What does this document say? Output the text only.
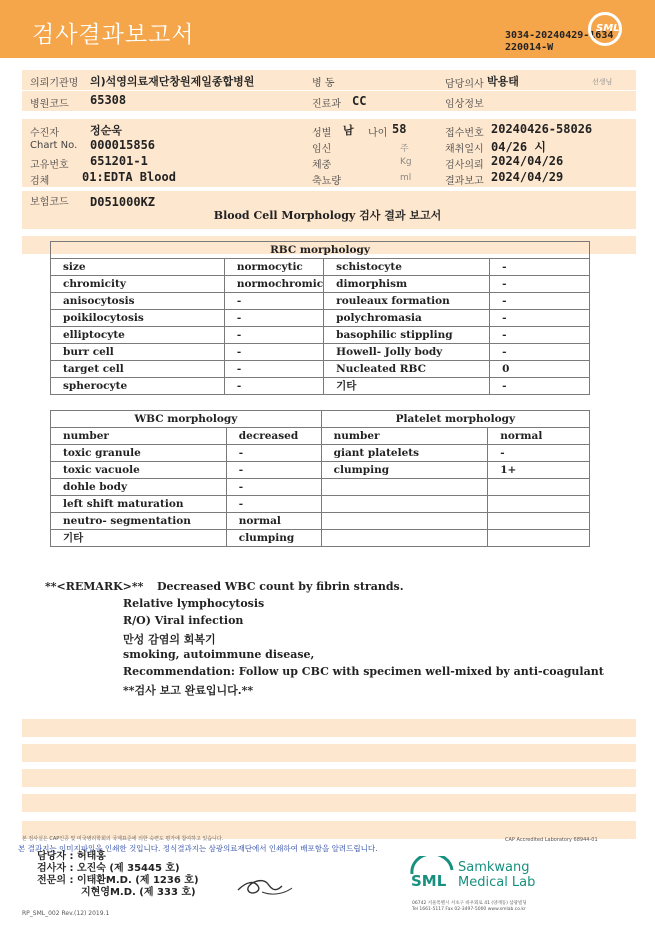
검사결과보고서	3034-20240429-1634
220014-W
SML
의뢰기관명 의)석영의료재단창원제일종합병원	병 동	담당의사 박용태	선생님
병원코드 65308	진료과 CC	임상정보
수진자	정순욱
Chart No. 000015856
고유번호 651201-1
검체	01:EDTA Blood
성별 남 나이 58
임신	주
체중	Kg
축뇨량	ml
접수번호 20240426-58026
채취일시 04/26 시
검사의뢰 2024/04/26
결과보고 2024/04/29
보험코드 D051000KZ
Blood Cell Morphology 검사 결과 보고서
RBC morphology			
size	normocytic	schistocyte	-
chromicity	normochromic	dimorphism	-
anisocytosis	-	rouleaux formation	-
poikilocytosis	-	polychromasia	-
elliptocyte	-	basophilic stippling	-
burr cell	-	Howell- Jolly body	-
target cell	-	Nucleated RBC	0
spherocyte	-	기타	-
WBC morphology		Platelet morphology	
number	decreased	number	normal
toxic granule	-	giant platelets	-
toxic vacuole	-	clumping	1+
dohle body	-		
left shift maturation	-		
neutro- segmentation	normal		
기타	clumping		
**<REMARK>** Decreased WBC count by fibrin strands.
Relative lymphocytosis
R/O) Viral infection
만성 감염의 회복기
smoking, autoimmune disease,
Recommendation: Follow up CBC with specimen well-mixed by anti-coagulant
**검사 보고 완료입니다.**
본 검사실은 CAP인증 및 미국병리학회의 국제표준에 의한 숙련도 평가에 참여하고 있습니다.	CAP Accredited Laboratory 68944-01
본 결과지는 이미지파일을 인쇄한 것입니다. 정식결과지는 삼광의료재단에서 인쇄하여 배포함을 알려드립니다.
담당자 : 허태홍
검사자 : 오진숙 (제 35445 호)
전문의 : 이태환M.D. (제 1236 호)
지현영M.D. (제 333 호)
SML
Samkwang
Medical Lab
06742 서울특별시 서초구 바우뫼로 41 (양재동) 삼광빌딩
Tel 1661-5117 Fax 02-3497-5000 www.smlab.co.kr
RP_SML_002 Rev.(12) 2019.1
